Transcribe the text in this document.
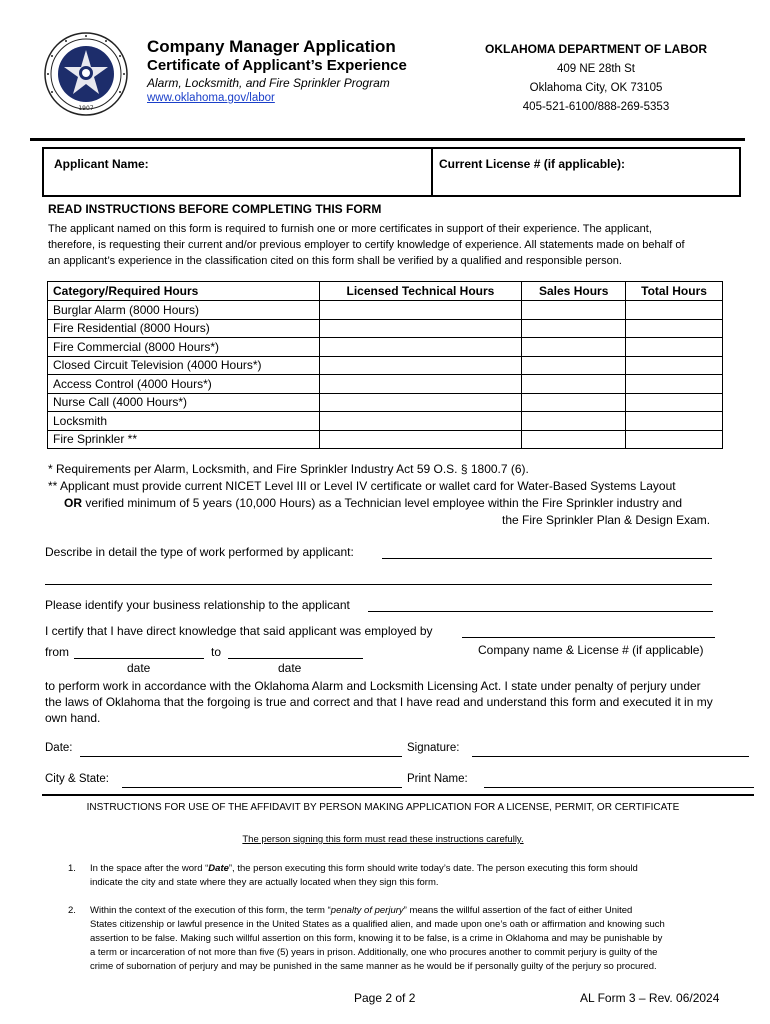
1907
Company Manager Application
Certificate of Applicant’s Experience
Alarm, Locksmith, and Fire Sprinkler Program
www.oklahoma.gov/labor
OKLAHOMA DEPARTMENT OF LABOR
409 NE 28th St
Oklahoma City, OK 73105
405-521-6100/888-269-5353
Applicant Name:	Current License # (if applicable):
READ INSTRUCTIONS BEFORE COMPLETING THIS FORM
The applicant named on this form is required to furnish one or more certificates in support of their experience. The applicant,
therefore, is requesting their current and/or previous employer to certify knowledge of experience. All statements made on behalf of
an applicant’s experience in the classification cited on this form shall be verified by a qualified and responsible person.
Category/Required Hours	Licensed Technical Hours	Sales Hours	Total Hours
Burglar Alarm (8000 Hours)			
Fire Residential (8000 Hours)			
Fire Commercial (8000 Hours*)			
Closed Circuit Television (4000 Hours*)			
Access Control (4000 Hours*)			
Nurse Call (4000 Hours*)			
Locksmith			
Fire Sprinkler **			
* Requirements per Alarm, Locksmith, and Fire Sprinkler Industry Act 59 O.S. § 1800.7 (6).
** Applicant must provide current NICET Level III or Level IV certificate or wallet card for Water-Based Systems Layout
OR verified minimum of 5 years (10,000 Hours) as a Technician level employee within the Fire Sprinkler industry and
the Fire Sprinkler Plan & Design Exam.
Describe in detail the type of work performed by applicant:
Please identify your business relationship to the applicant
I certify that I have direct knowledge that said applicant was employed by
from	to	Company name & License # (if applicable)
date	date
to perform work in accordance with the Oklahoma Alarm and Locksmith Licensing Act. I state under penalty of perjury under
the laws of Oklahoma that the forgoing is true and correct and that I have read and understand this form and executed it in my
own hand.
Date:	Signature:
City & State:	Print Name:
INSTRUCTIONS FOR USE OF THE AFFIDAVIT BY PERSON MAKING APPLICATION FOR A LICENSE, PERMIT, OR CERTIFICATE
The person signing this form must read these instructions carefully.
1. In the space after the word “Date”, the person executing this form should write today’s date. The person executing this form should
indicate the city and state where they are actually located when they sign this form.
2. Within the context of the execution of this form, the term “penalty of perjury” means the willful assertion of the fact of either United
States citizenship or lawful presence in the United States as a qualified alien, and made upon one’s oath or affirmation and knowing such
assertion to be false. Making such willful assertion on this form, knowing it to be false, is a crime in Oklahoma and may be punishable by
a term or incarceration of not more than five (5) years in prison. Additionally, one who procures another to commit perjury is guilty of the
crime of subornation of perjury and may be punished in the same manner as he would be if personally guilty of the perjury so procured.
Page 2 of 2	AL Form 3 – Rev. 06/2024
